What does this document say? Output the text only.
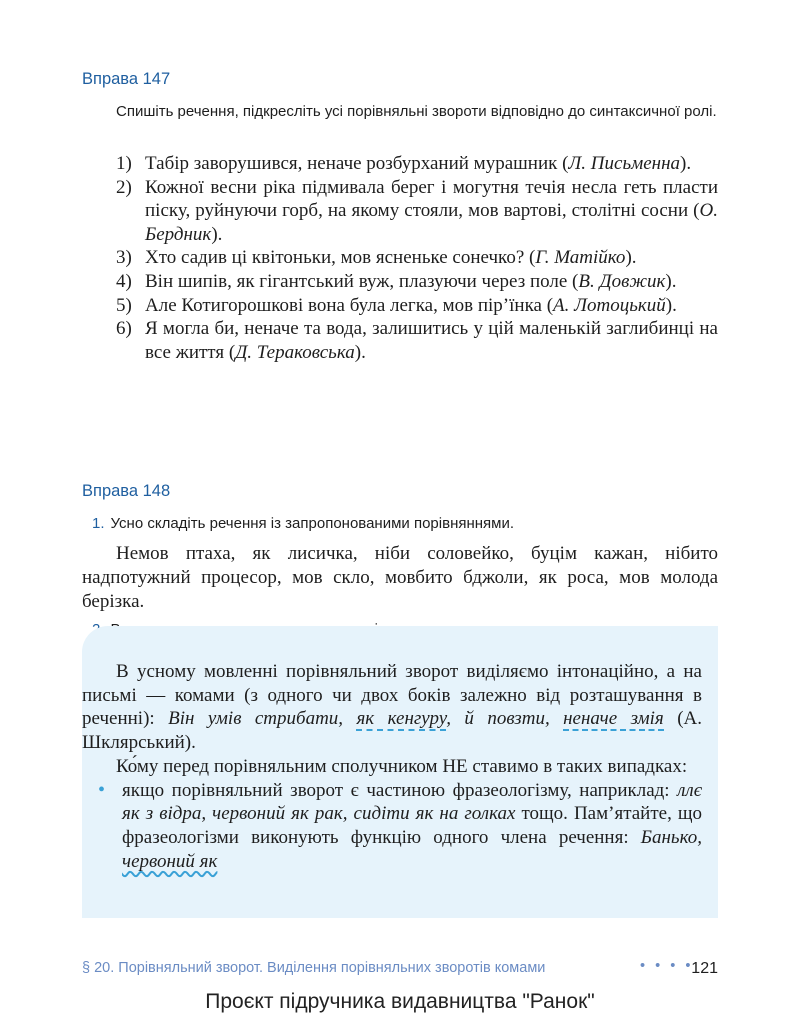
Вправа 147
Спишіть речення, підкресліть усі порівняльні звороти відповідно до синтаксичної ролі.
1) Табір заворушився, неначе розбурханий мурашник (Л. Письменна).
2) Кожної весни ріка підмивала берег і могутня течія несла геть пласти піску, руйнуючи горб, на якому стояли, мов вартові, столітні сосни (О. Бердник).
3) Хто садив ці квітоньки, мов ясненьке сонечко? (Г. Матійко).
4) Він шипів, як гігантський вуж, плазуючи через поле (В. Довжик).
5) Але Котигорошкові вона була легка, мов пір’їнка (А. Лотоцький).
6) Я могла би, неначе та вода, залишитись у цій маленькій заглибинці на все життя (Д. Тераковська).
Вправа 148
1. Усно складіть речення із запропонованими порівняннями.
Немов птаха, як лисичка, ніби соловейко, буцім кажан, нібито надпотужний процесор, мов скло, мовбито бджоли, як роса, мов молода берізка.

В усному мовленні порівняльний зворот виділяємо інтонаційно, а на письмі — комами (з одного чи двох боків залежно від розташування в реченні): Він умів стрибати, як кенгуру, й повзти, неначе змія (А. Шклярський).

Ко́му перед порівняльним сполучником НЕ ставимо в таких випадках:

• якщо порівняльний зворот є частиною фразеологізму, наприклад: ллє як з відра, червоний як рак, сидіти як на голках тощо. Пам’ятайте, що фразеологізми виконують функцію одного члена речення: Банько, червоний як

§ 20. Порівняльний зворот. Виділення порівняльних зворотів комами	• • • •
121
Проєкт підручника видавництва "Ранок"
